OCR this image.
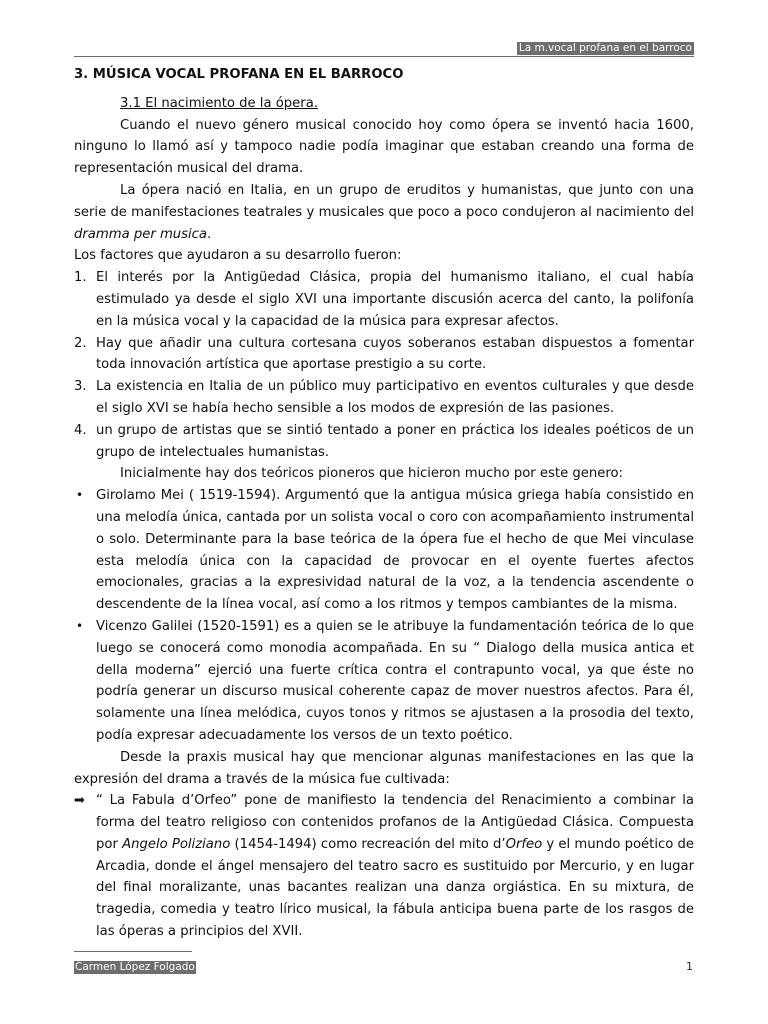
La m.vocal profana en el barroco
3. MÚSICA VOCAL PROFANA EN EL BARROCO
3.1 El nacimiento de la ópera.

Cuando el nuevo género musical conocido hoy como ópera se inventó hacia 1600, ninguno lo llamó así y tampoco nadie podía imaginar que estaban creando una forma de representación musical del drama.

La ópera nació en Italia, en un grupo de eruditos y humanistas, que junto con una serie de manifestaciones teatrales y musicales que poco a poco condujeron al nacimiento del dramma per musica.

Los factores que ayudaron a su desarrollo fueron:

1. El interés por la Antigüedad Clásica, propia del humanismo italiano, el cual había estimulado ya desde el siglo XVI una importante discusión acerca del canto, la polifonía en la música vocal y la capacidad de la música para expresar afectos.
2. Hay que añadir una cultura cortesana cuyos soberanos estaban dispuestos a fomentar toda innovación artística que aportase prestigio a su corte.
3. La existencia en Italia de un público muy participativo en eventos culturales y que desde el siglo XVI se había hecho sensible a los modos de expresión de las pasiones.
4. un grupo de artistas que se sintió tentado a poner en práctica los ideales poéticos de un grupo de intelectuales humanistas.

Inicialmente hay dos teóricos pioneros que hicieron mucho por este genero:

• Girolamo Mei ( 1519-1594). Argumentó que la antigua música griega había consistido en una melodía única, cantada por un solista vocal o coro con acompañamiento instrumental o solo. Determinante para la base teórica de la ópera fue el hecho de que Mei vinculase esta melodía única con la capacidad de provocar en el oyente fuertes afectos emocionales, gracias a la expresividad natural de la voz, a la tendencia ascendente o descendente de la línea vocal, así como a los ritmos y tempos cambiantes de la misma.
• Vicenzo Galilei (1520-1591) es a quien se le atribuye la fundamentación teórica de lo que luego se conocerá como monodia acompañada. En su “ Dialogo della musica antica et della moderna” ejerció una fuerte crítica contra el contrapunto vocal, ya que éste no podría generar un discurso musical coherente capaz de mover nuestros afectos. Para él, solamente una línea melódica, cuyos tonos y ritmos se ajustasen a la prosodia del texto, podía expresar adecuadamente los versos de un texto poético.

Desde la praxis musical hay que mencionar algunas manifestaciones en las que la expresión del drama a través de la música fue cultivada:

➡ “ La Fabula d’Orfeo” pone de manifiesto la tendencia del Renacimiento a combinar la forma del teatro religioso con contenidos profanos de la Antigüedad Clásica. Compuesta por Angelo Poliziano (1454-1494) como recreación del mito d’Orfeo y el mundo poético de Arcadia, donde el ángel mensajero del teatro sacro es sustituido por Mercurio, y en lugar del final moralizante, unas bacantes realizan una danza orgiástica. En su mixtura, de tragedia, comedia y teatro lírico musical, la fábula anticipa buena parte de los rasgos de las óperas a principios del XVII.
Carmen López Folgado	1
